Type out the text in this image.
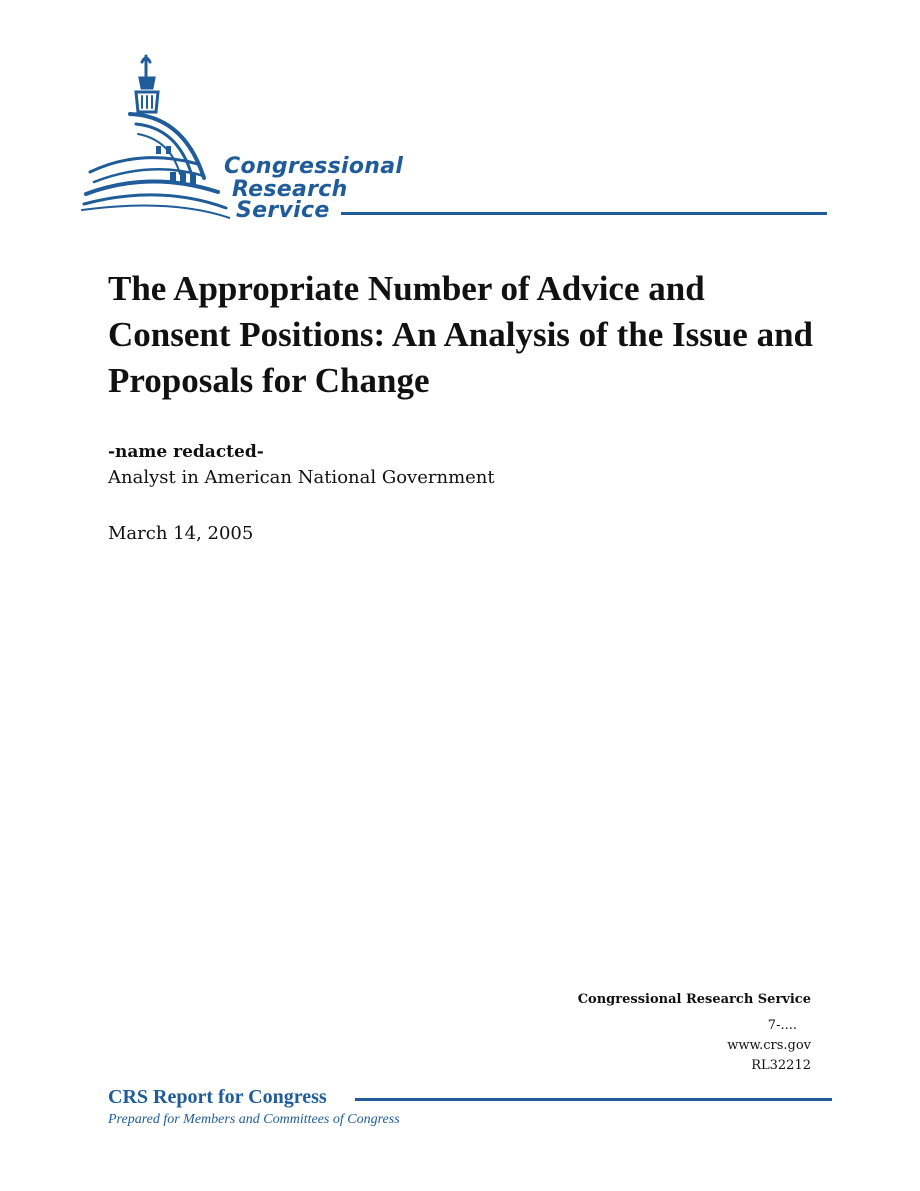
Congressional
Research
Service
The Appropriate Number of Advice and Consent Positions: An Analysis of the Issue and Proposals for Change
-name redacted-
Analyst in American National Government
March 14, 2005
Congressional Research Service
7-....
www.crs.gov
RL32212
CRS Report for Congress
Prepared for Members and Committees of Congress
